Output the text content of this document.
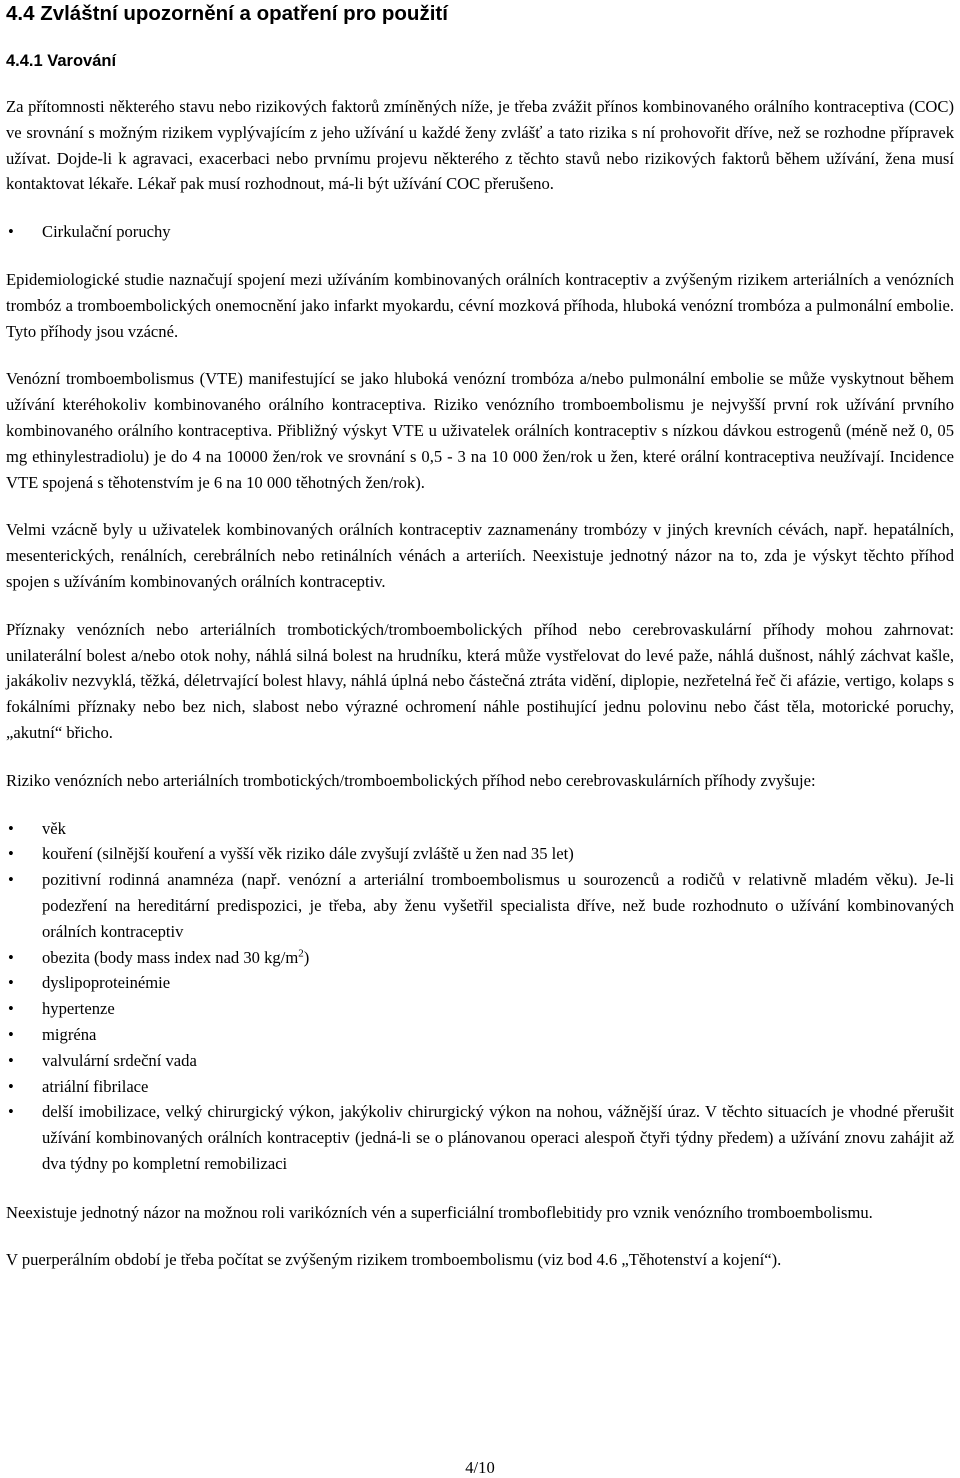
4.4 Zvláštní upozornění a opatření pro použití
4.4.1 Varování

Za přítomnosti některého stavu nebo rizikových faktorů zmíněných níže, je třeba zvážit přínos kombinovaného orálního kontraceptiva (COC) ve srovnání s možným rizikem vyplývajícím z jeho užívání u každé ženy zvlášť a tato rizika s ní prohovořit dříve, než se rozhodne přípravek užívat. Dojde-li k agravaci, exacerbaci nebo prvnímu projevu některého z těchto stavů nebo rizikových faktorů během užívání, žena musí kontaktovat lékaře. Lékař pak musí rozhodnout, má-li být užívání COC přerušeno.

• Cirkulační poruchy

Epidemiologické studie naznačují spojení mezi užíváním kombinovaných orálních kontraceptiv a zvýšeným rizikem arteriálních a venózních trombóz a tromboembolických onemocnění jako infarkt myokardu, cévní mozková příhoda, hluboká venózní trombóza a pulmonální embolie. Tyto příhody jsou vzácné.

Venózní tromboembolismus (VTE) manifestující se jako hluboká venózní trombóza a/nebo pulmonální embolie se může vyskytnout během užívání kteréhokoliv kombinovaného orálního kontraceptiva. Riziko venózního tromboembolismu je nejvyšší první rok užívání prvního kombinovaného orálního kontraceptiva. Přibližný výskyt VTE u uživatelek orálních kontraceptiv s nízkou dávkou estrogenů (méně než 0, 05 mg ethinylestradiolu) je do 4 na 10000 žen/rok ve srovnání s 0,5 - 3 na 10 000 žen/rok u žen, které orální kontraceptiva neužívají. Incidence VTE spojená s těhotenstvím je 6 na 10 000 těhotných žen/rok).

Velmi vzácně byly u uživatelek kombinovaných orálních kontraceptiv zaznamenány trombózy v jiných krevních cévách, např. hepatálních, mesenterických, renálních, cerebrálních nebo retinálních vénách a arteriích. Neexistuje jednotný názor na to, zda je výskyt těchto příhod spojen s užíváním kombinovaných orálních kontraceptiv.

Příznaky venózních nebo arteriálních trombotických/tromboembolických příhod nebo cerebrovaskulární příhody mohou zahrnovat: unilaterální bolest a/nebo otok nohy, náhlá silná bolest na hrudníku, která může vystřelovat do levé paže, náhlá dušnost, náhlý záchvat kašle, jakákoliv nezvyklá, těžká, déletrvající bolest hlavy, náhlá úplná nebo částečná ztráta vidění, diplopie, nezřetelná řeč či afázie, vertigo, kolaps s fokálními příznaky nebo bez nich, slabost nebo výrazné ochromení náhle postihující jednu polovinu nebo část těla, motorické poruchy, „akutní“ břicho.

Riziko venózních nebo arteriálních trombotických/tromboembolických příhod nebo cerebrovaskulárních příhody zvyšuje:

• věk
• kouření (silnější kouření a vyšší věk riziko dále zvyšují zvláště u žen nad 35 let)
• pozitivní rodinná anamnéza (např. venózní a arteriální tromboembolismus u sourozenců a rodičů v relativně mladém věku). Je-li podezření na hereditární predispozici, je třeba, aby ženu vyšetřil specialista dříve, než bude rozhodnuto o užívání kombinovaných orálních kontraceptiv
• obezita (body mass index nad 30 $kg/m^2$)
• dyslipoproteinémie
• hypertenze
• migréna
• valvulární srdeční vada
• atriální fibrilace
• delší imobilizace, velký chirurgický výkon, jakýkoliv chirurgický výkon na nohou, vážnější úraz. V těchto situacích je vhodné přerušit užívání kombinovaných orálních kontraceptiv (jedná-li se o plánovanou operaci alespoň čtyři týdny předem) a užívání znovu zahájit až dva týdny po kompletní remobilizaci

Neexistuje jednotný názor na možnou roli varikózních vén a superficiální tromboflebitidy pro vznik venózního tromboembolismu.

V puerperálním období je třeba počítat se zvýšeným rizikem tromboembolismu (viz bod 4.6 „Těhotenství a kojení“).

4/10
